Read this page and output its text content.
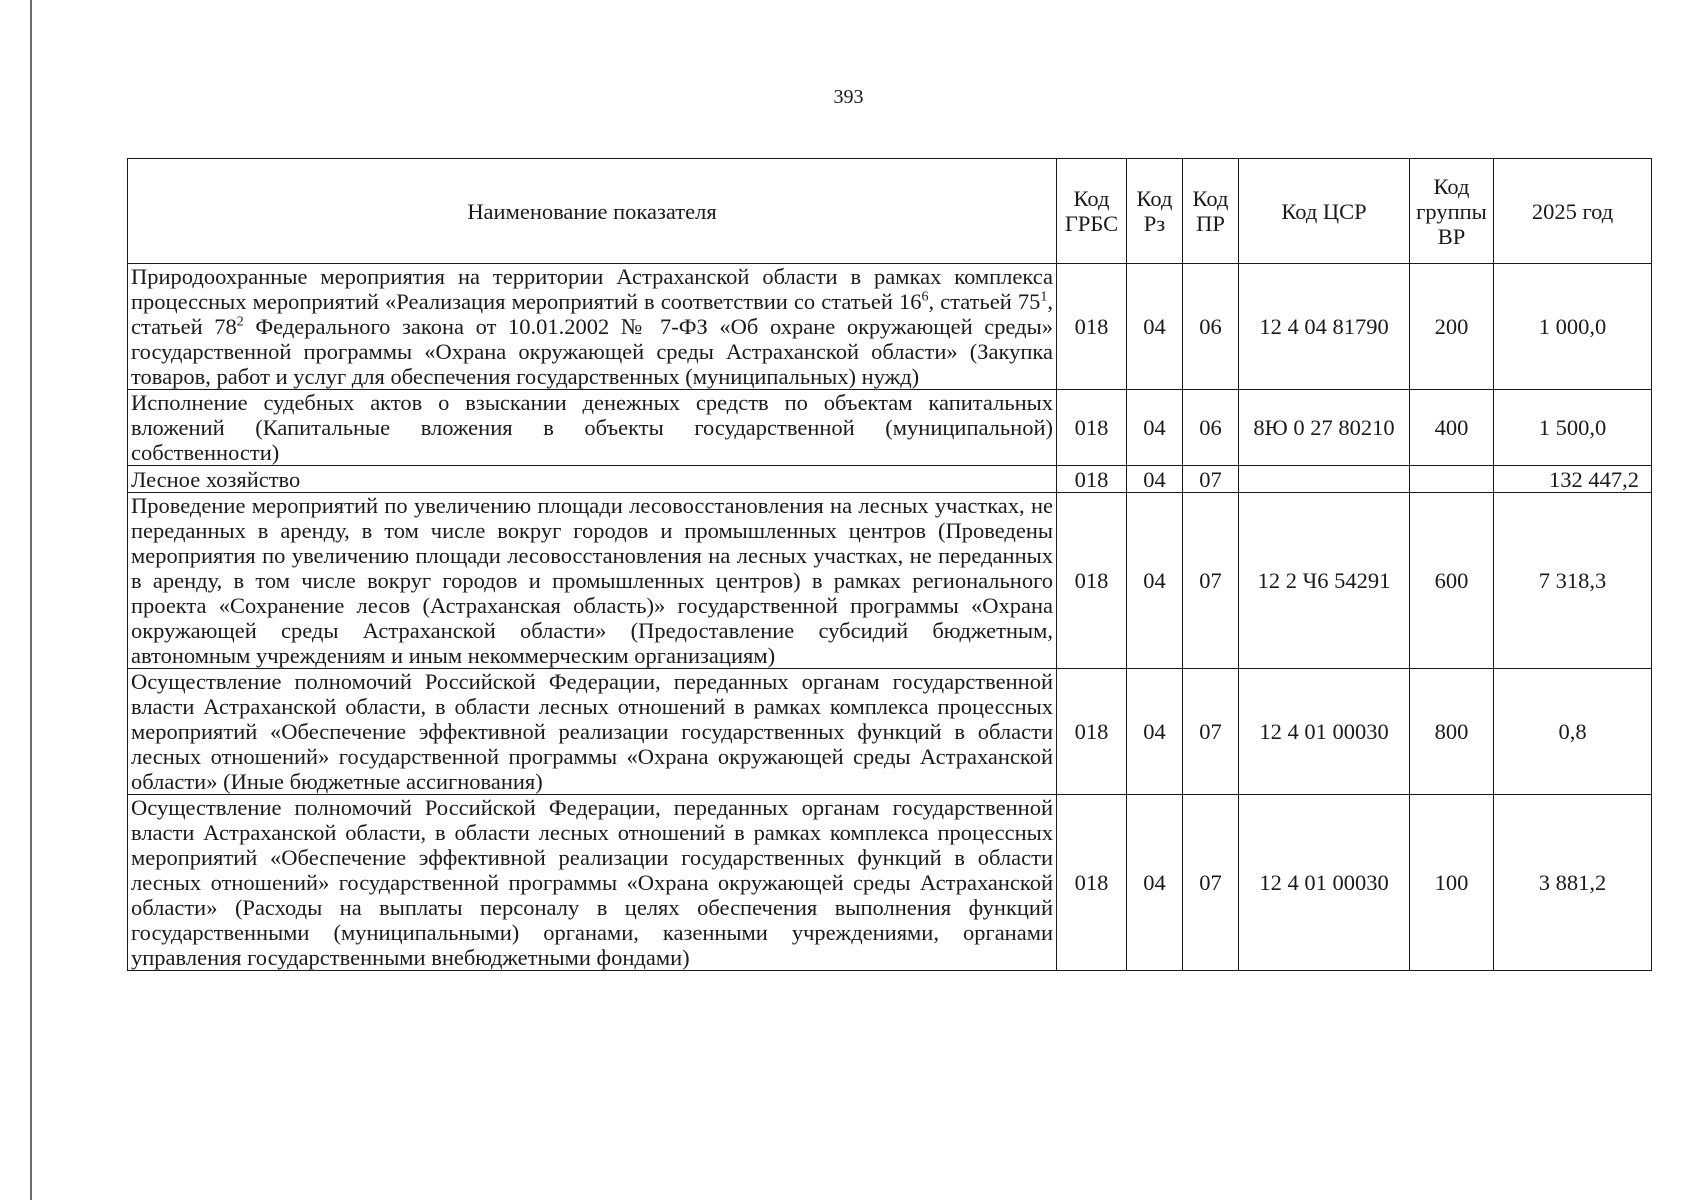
393
Наименование показателя	Код ГРБС	Код Рз	Код ПР	Код ЦСР	Код группы ВР	2025 год
Природоохранные мероприятия на территории Астраханской области в рамках комплекса процессных мероприятий «Реализация мероприятий в соответствии со статьей $16^6$, статьей $75^1$, статьей $78^2$ Федерального закона от 10.01.2002 № 7-ФЗ «Об охране окружающей среды» государственной программы «Охрана окружающей среды Астраханской области» (Закупка товаров, работ и услуг для обеспечения государственных (муниципальных) нужд)	018	04	06	12 4 04 81790	200	1 000,0
Исполнение судебных актов о взыскании денежных средств по объектам капитальных вложений (Капитальные вложения в объекты государственной (муниципальной) собственности)	018	04	06	8Ю 0 27 80210	400	1 500,0
Лесное хозяйство	018	04	07			132 447,2
Проведение мероприятий по увеличению площади лесовосстановления на лесных участках, не переданных в аренду, в том числе вокруг городов и промышленных центров (Проведены мероприятия по увеличению площади лесовосстановления на лесных участках, не переданных в аренду, в том числе вокруг городов и промышленных центров) в рамках регионального проекта «Сохранение лесов (Астраханская область)» государственной программы «Охрана окружающей среды Астраханской области» (Предоставление субсидий бюджетным, автономным учреждениям и иным некоммерческим организациям)	018	04	07	12 2 Ч6 54291	600	7 318,3
Осуществление полномочий Российской Федерации, переданных органам государственной власти Астраханской области, в области лесных отношений в рамках комплекса процессных мероприятий «Обеспечение эффективной реализации государственных функций в области лесных отношений» государственной программы «Охрана окружающей среды Астраханской области» (Иные бюджетные ассигнования)	018	04	07	12 4 01 00030	800	0,8
Осуществление полномочий Российской Федерации, переданных органам государственной власти Астраханской области, в области лесных отношений в рамках комплекса процессных мероприятий «Обеспечение эффективной реализации государственных функций в области лесных отношений» государственной программы «Охрана окружающей среды Астраханской области» (Расходы на выплаты персоналу в целях обеспечения выполнения функций государственными (муниципальными) органами, казенными учреждениями, органами управления государственными внебюджетными фондами)	018	04	07	12 4 01 00030	100	3 881,2
